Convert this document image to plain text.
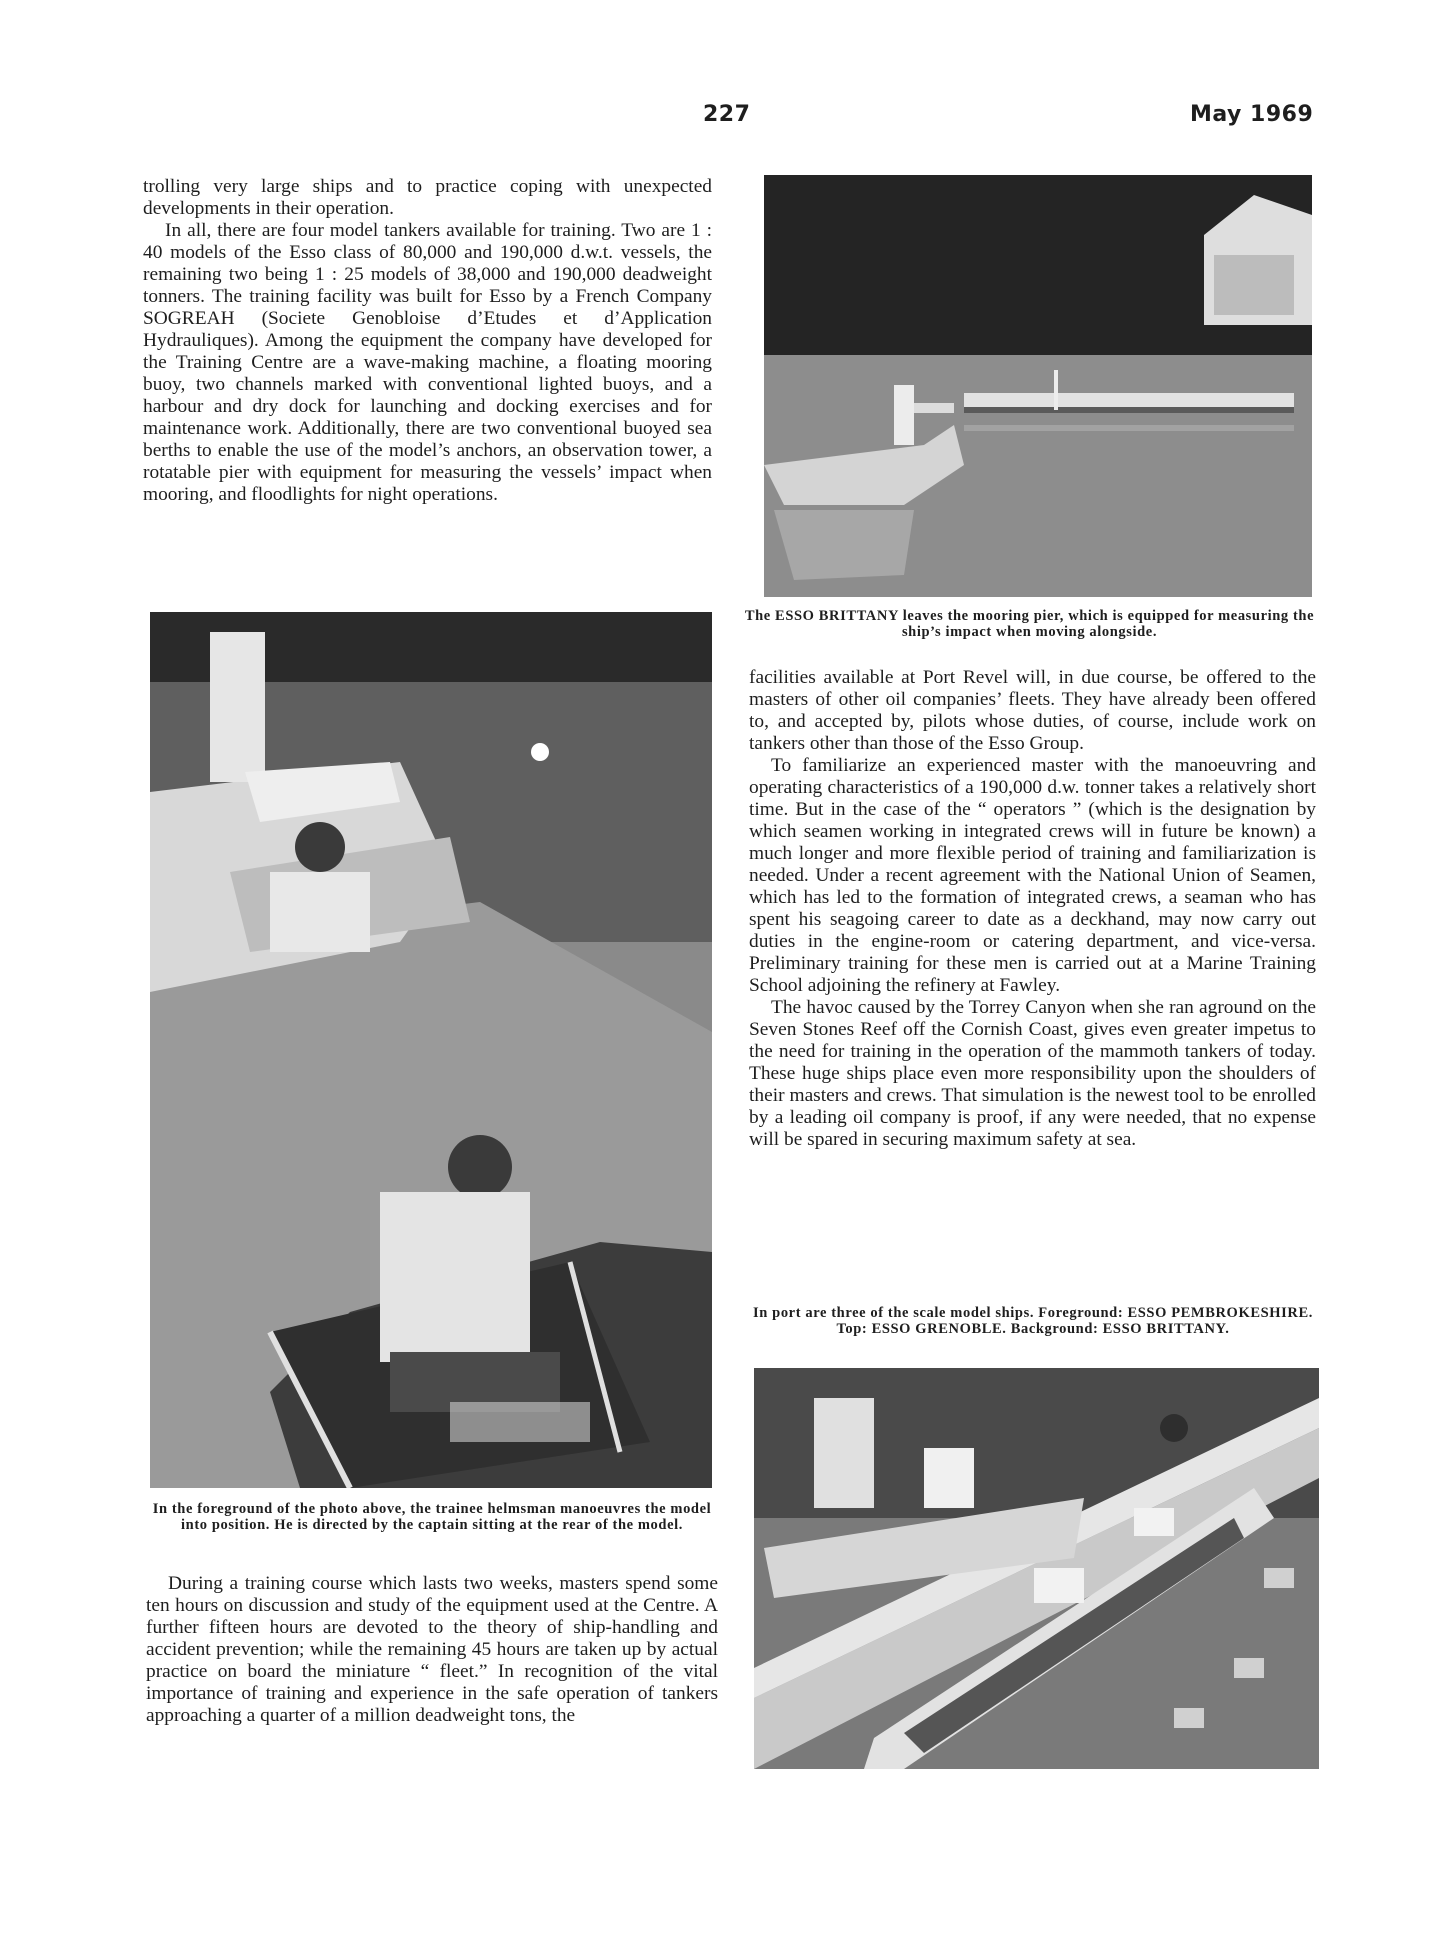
227	May 1969

trolling very large ships and to practice coping with unexpected developments in their operation.

In all, there are four model tankers available for training. Two are 1 : 40 models of the Esso class of 80,000 and 190,000 d.w.t. vessels, the remaining two being 1 : 25 models of 38,000 and 190,000 deadweight tonners. The training facility was built for Esso by a French Company SOGREAH (Societe Genobloise d’Etudes et d’Application Hydrauliques). Among the equipment the company have developed for the Training Centre are a wave-making machine, a floating mooring buoy, two channels marked with conventional lighted buoys, and a harbour and dry dock for launching and docking exercises and for maintenance work. Additionally, there are two conventional buoyed sea berths to enable the use of the model’s anchors, an observation tower, a rotatable pier with equipment for measuring the vessels’ impact when mooring, and floodlights for night operations.

In the foreground of the photo above, the trainee helmsman manoeuvres the model into position. He is directed by the captain sitting at the rear of the model.

During a training course which lasts two weeks, masters spend some ten hours on discussion and study of the equipment used at the Centre. A further fifteen hours are devoted to the theory of ship-handling and accident prevention; while the remaining 45 hours are taken up by actual practice on board the miniature “ fleet.” In recognition of the vital importance of training and experience in the safe operation of tankers approaching a quarter of a million deadweight tons, the

The ESSO BRITTANY leaves the mooring pier, which is equipped for measuring the ship’s impact when moving alongside.

facilities available at Port Revel will, in due course, be offered to the masters of other oil companies’ fleets. They have already been offered to, and accepted by, pilots whose duties, of course, include work on tankers other than those of the Esso Group.

To familiarize an experienced master with the manoeuvring and operating characteristics of a 190,000 d.w. tonner takes a relatively short time. But in the case of the “ operators ” (which is the designation by which seamen working in integrated crews will in future be known) a much longer and more flexible period of training and familiarization is needed. Under a recent agreement with the National Union of Seamen, which has led to the formation of integrated crews, a seaman who has spent his seagoing career to date as a deckhand, may now carry out duties in the engine-room or catering department, and vice-versa. Preliminary training for these men is carried out at a Marine Training School adjoining the refinery at Fawley.

The havoc caused by the Torrey Canyon when she ran aground on the Seven Stones Reef off the Cornish Coast, gives even greater impetus to the need for training in the operation of the mammoth tankers of today. These huge ships place even more responsibility upon the shoulders of their masters and crews. That simulation is the newest tool to be enrolled by a leading oil company is proof, if any were needed, that no expense will be spared in securing maximum safety at sea.

In port are three of the scale model ships. Foreground: ESSO PEMBROKESHIRE. Top: ESSO GRENOBLE. Background: ESSO BRITTANY.
